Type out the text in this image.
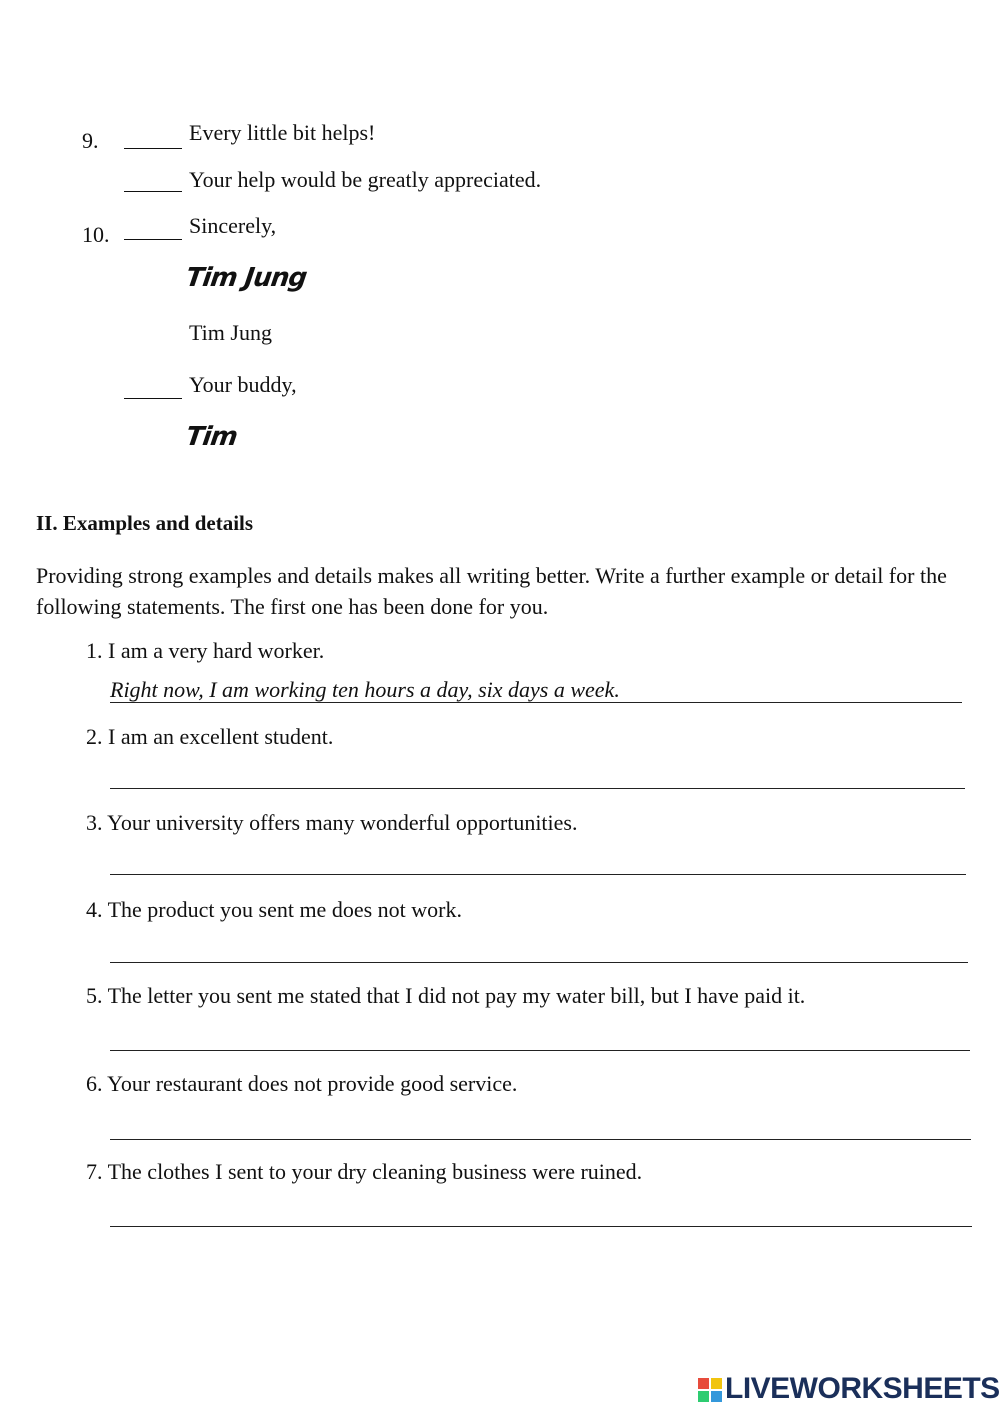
9.	Every little bit helps!
Your help would be greatly appreciated.
10.	Sincerely,
Tim Jung
Tim Jung
Your buddy,
Tim
II. Examples and details
Providing strong examples and details makes all writing better. Write a further example or detail for the following statements. The first one has been done for you.
1. I am a very hard worker.
Right now, I am working ten hours a day, six days a week.
2. I am an excellent student.
3. Your university offers many wonderful opportunities.
4. The product you sent me does not work.
5. The letter you sent me stated that I did not pay my water bill, but I have paid it.
6. Your restaurant does not provide good service.
7. The clothes I sent to your dry cleaning business were ruined.
LIVEWORKSHEETS
